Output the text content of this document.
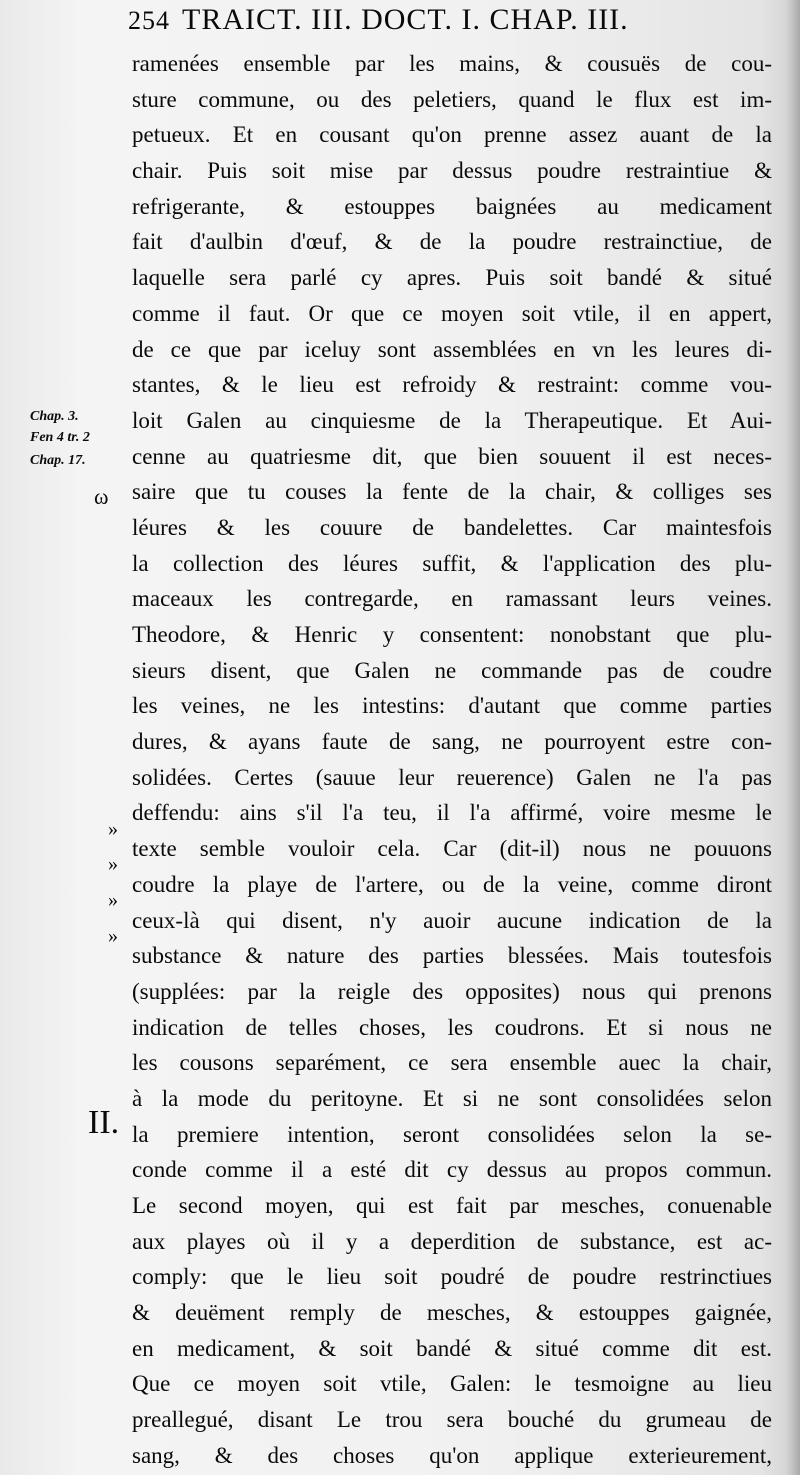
254 TRAICT. III. DOCT. I. CHAP. III.
Chap. 3.
Fen 4 tr. 2
Chap. 17.
ω
»
»
»
»
II.
ramenées ensemble par les mains, & cousuës de cou-
sture commune, ou des peletiers, quand le flux est im-
petueux. Et en cousant qu'on prenne assez auant de la
chair. Puis soit mise par dessus poudre restraintiue &
refrigerante, & estouppes baignées au medicament
fait d'aulbin d'œuf, & de la poudre restrainctiue, de
laquelle sera parlé cy apres. Puis soit bandé & situé
comme il faut. Or que ce moyen soit vtile, il en appert,
de ce que par iceluy sont assemblées en vn les leures di-
stantes, & le lieu est refroidy & restraint: comme vou-
loit Galen au cinquiesme de la Therapeutique. Et Aui-
cenne au quatriesme dit, que bien souuent il est neces-
saire que tu couses la fente de la chair, & colliges ses
léures & les couure de bandelettes. Car maintesfois
la collection des léures suffit, & l'application des plu-
maceaux les contregarde, en ramassant leurs veines.
Theodore, & Henric y consentent: nonobstant que plu-
sieurs disent, que Galen ne commande pas de coudre
les veines, ne les intestins: d'autant que comme parties
dures, & ayans faute de sang, ne pourroyent estre con-
solidées. Certes (sauue leur reuerence) Galen ne l'a pas
deffendu: ains s'il l'a teu, il l'a affirmé, voire mesme le
texte semble vouloir cela. Car (dit-il) nous ne pouuons
coudre la playe de l'artere, ou de la veine, comme diront
ceux-là qui disent, n'y auoir aucune indication de la
substance & nature des parties blessées. Mais toutesfois
(supplées: par la reigle des opposites) nous qui prenons
indication de telles choses, les coudrons. Et si nous ne
les cousons separément, ce sera ensemble auec la chair,
à la mode du peritoyne. Et si ne sont consolidées selon
la premiere intention, seront consolidées selon la se-
conde comme il a esté dit cy dessus au propos commun.
Le second moyen, qui est fait par mesches, conuenable
aux playes où il y a deperdition de substance, est ac-
comply: que le lieu soit poudré de poudre restrinctiues
& deuëment remply de mesches, & estouppes gaignée,
en medicament, & soit bandé & situé comme dit est.
Que ce moyen soit vtile, Galen: le tesmoigne au lieu
preallegué, disant Le trou sera bouché du grumeau de
sang, & des choses qu'on applique exterieurement,
